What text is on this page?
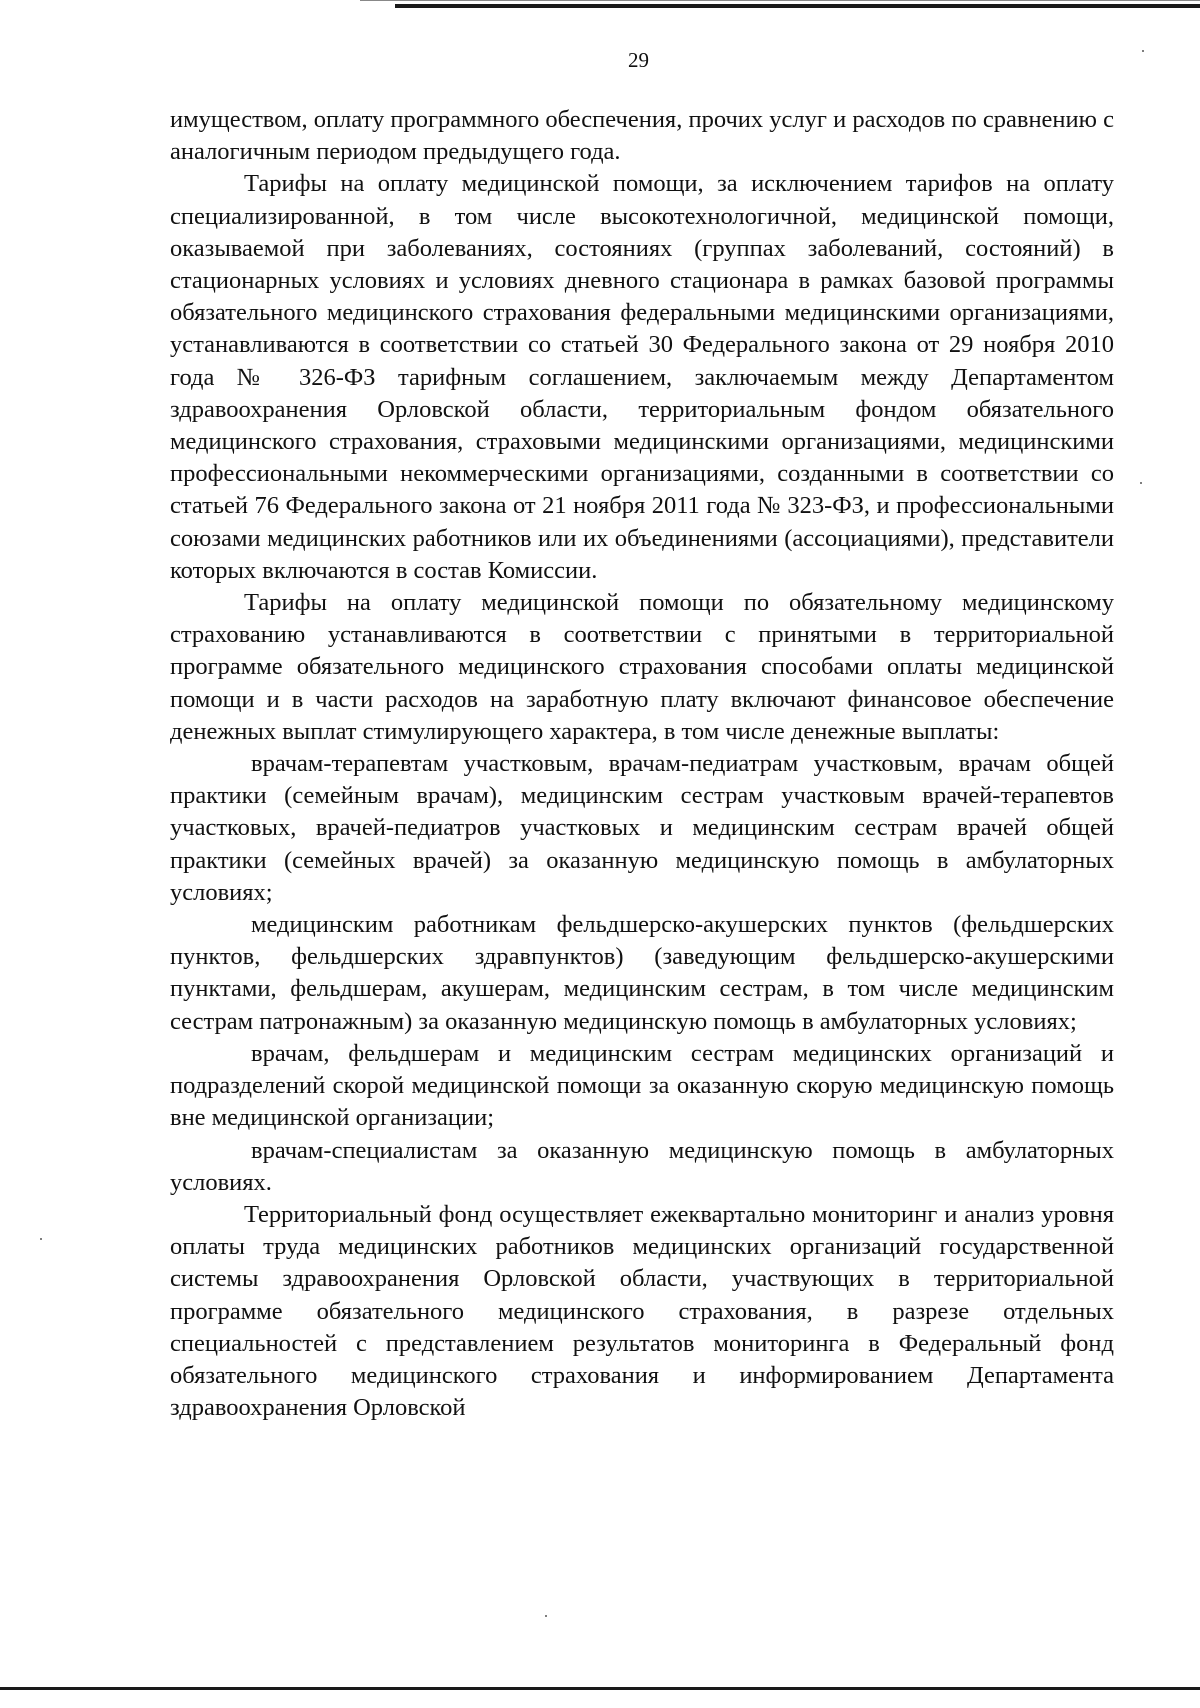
29

имуществом, оплату программного обеспечения, прочих услуг и расходов по сравнению с аналогичным периодом предыдущего года.

Тарифы на оплату медицинской помощи, за исключением тарифов на оплату специализированной, в том числе высокотехнологичной, медицинской помощи, оказываемой при заболеваниях, состояниях (группах заболеваний, состояний) в стационарных условиях и условиях дневного стационара в рамках базовой программы обязательного медицинского страхования федеральными медицинскими организациями, устанавливаются в соответствии со статьей 30 Федерального закона от 29 ноября 2010 года № 326-ФЗ тарифным соглашением, заключаемым между Департаментом здравоохранения Орловской области, территориальным фондом обязательного медицинского страхования, страховыми медицинскими организациями, медицинскими профессиональными некоммерческими организациями, созданными в соответствии со статьей 76 Федерального закона от 21 ноября 2011 года № 323-ФЗ, и профессиональными союзами медицинских работников или их объединениями (ассоциациями), представители которых включаются в состав Комиссии.

Тарифы на оплату медицинской помощи по обязательному медицинскому страхованию устанавливаются в соответствии с принятыми в территориальной программе обязательного медицинского страхования способами оплаты медицинской помощи и в части расходов на заработную плату включают финансовое обеспечение денежных выплат стимулирующего характера, в том числе денежные выплаты:

врачам-терапевтам участковым, врачам-педиатрам участковым, врачам общей практики (семейным врачам), медицинским сестрам участковым врачей-терапевтов участковых, врачей-педиатров участковых и медицинским сестрам врачей общей практики (семейных врачей) за оказанную медицинскую помощь в амбулаторных условиях;

медицинским работникам фельдшерско-акушерских пунктов (фельдшерских пунктов, фельдшерских здравпунктов) (заведующим фельдшерско-акушерскими пунктами, фельдшерам, акушерам, медицинским сестрам, в том числе медицинским сестрам патронажным) за оказанную медицинскую помощь в амбулаторных условиях;

врачам, фельдшерам и медицинским сестрам медицинских организаций и подразделений скорой медицинской помощи за оказанную скорую медицинскую помощь вне медицинской организации;

врачам-специалистам за оказанную медицинскую помощь в амбулаторных условиях.

Территориальный фонд осуществляет ежеквартально мониторинг и анализ уровня оплаты труда медицинских работников медицинских организаций государственной системы здравоохранения Орловской области, участвующих в территориальной программе обязательного медицинского страхования, в разрезе отдельных специальностей с представлением результатов мониторинга в Федеральный фонд обязательного медицинского страхования и информированием Департамента здравоохранения Орловской
